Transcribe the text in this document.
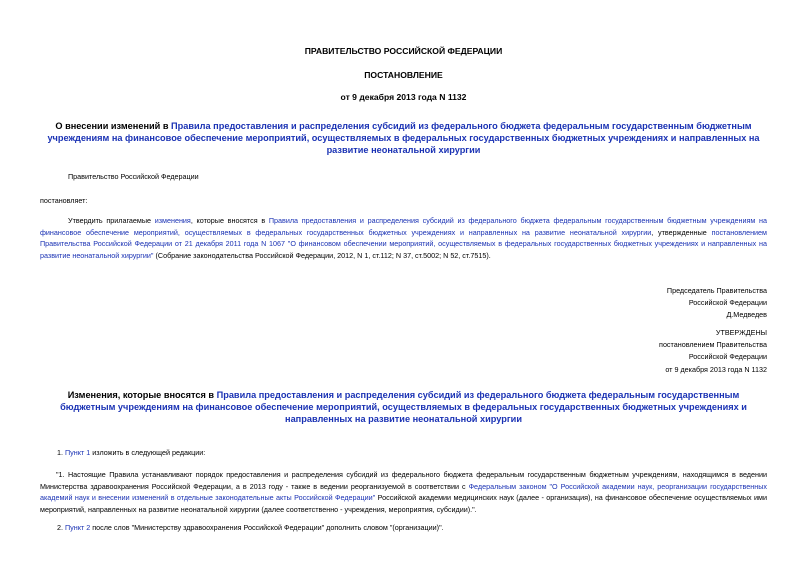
ПРАВИТЕЛЬСТВО РОССИЙСКОЙ ФЕДЕРАЦИИ
ПОСТАНОВЛЕНИЕ
от 9 декабря 2013 года N 1132
О внесении изменений в Правила предоставления и распределения субсидий из федерального бюджета федеральным государственным бюджетным учреждениям на финансовое обеспечение мероприятий, осуществляемых в федеральных государственных бюджетных учреждениях и направленных на развитие неонатальной хирургии
Правительство Российской Федерации
постановляет:
Утвердить прилагаемые изменения, которые вносятся в Правила предоставления и распределения субсидий из федерального бюджета федеральным государственным бюджетным учреждениям на финансовое обеспечение мероприятий, осуществляемых в федеральных государственных бюджетных учреждениях и направленных на развитие неонатальной хирургии, утвержденные постановлением Правительства Российской Федерации от 21 декабря 2011 года N 1067 "О финансовом обеспечении мероприятий, осуществляемых в федеральных государственных бюджетных учреждениях и направленных на развитие неонатальной хирургии" (Собрание законодательства Российской Федерации, 2012, N 1, ст.112; N 37, ст.5002; N 52, ст.7515).
Председатель Правительства
Российской Федерации
Д.Медведев
УТВЕРЖДЕНЫ
постановлением Правительства
Российской Федерации
от 9 декабря 2013 года N 1132
Изменения, которые вносятся в Правила предоставления и распределения субсидий из федерального бюджета федеральным государственным бюджетным учреждениям на финансовое обеспечение мероприятий, осуществляемых в федеральных государственных бюджетных учреждениях и направленных на развитие неонатальной хирургии
1. Пункт 1 изложить в следующей редакции:
"1. Настоящие Правила устанавливают порядок предоставления и распределения субсидий из федерального бюджета федеральным государственным бюджетным учреждениям, находящимся в ведении Министерства здравоохранения Российской Федерации, а в 2013 году - также в ведении реорганизуемой в соответствии с Федеральным законом "О Российской академии наук, реорганизации государственных академий наук и внесении изменений в отдельные законодательные акты Российской Федерации" Российской академии медицинских наук (далее - организация), на финансовое обеспечение осуществляемых ими мероприятий, направленных на развитие неонатальной хирургии (далее соответственно - учреждения, мероприятия, субсидии).".
2. Пункт 2 после слов "Министерству здравоохранения Российской Федерации" дополнить словом "(организации)".
